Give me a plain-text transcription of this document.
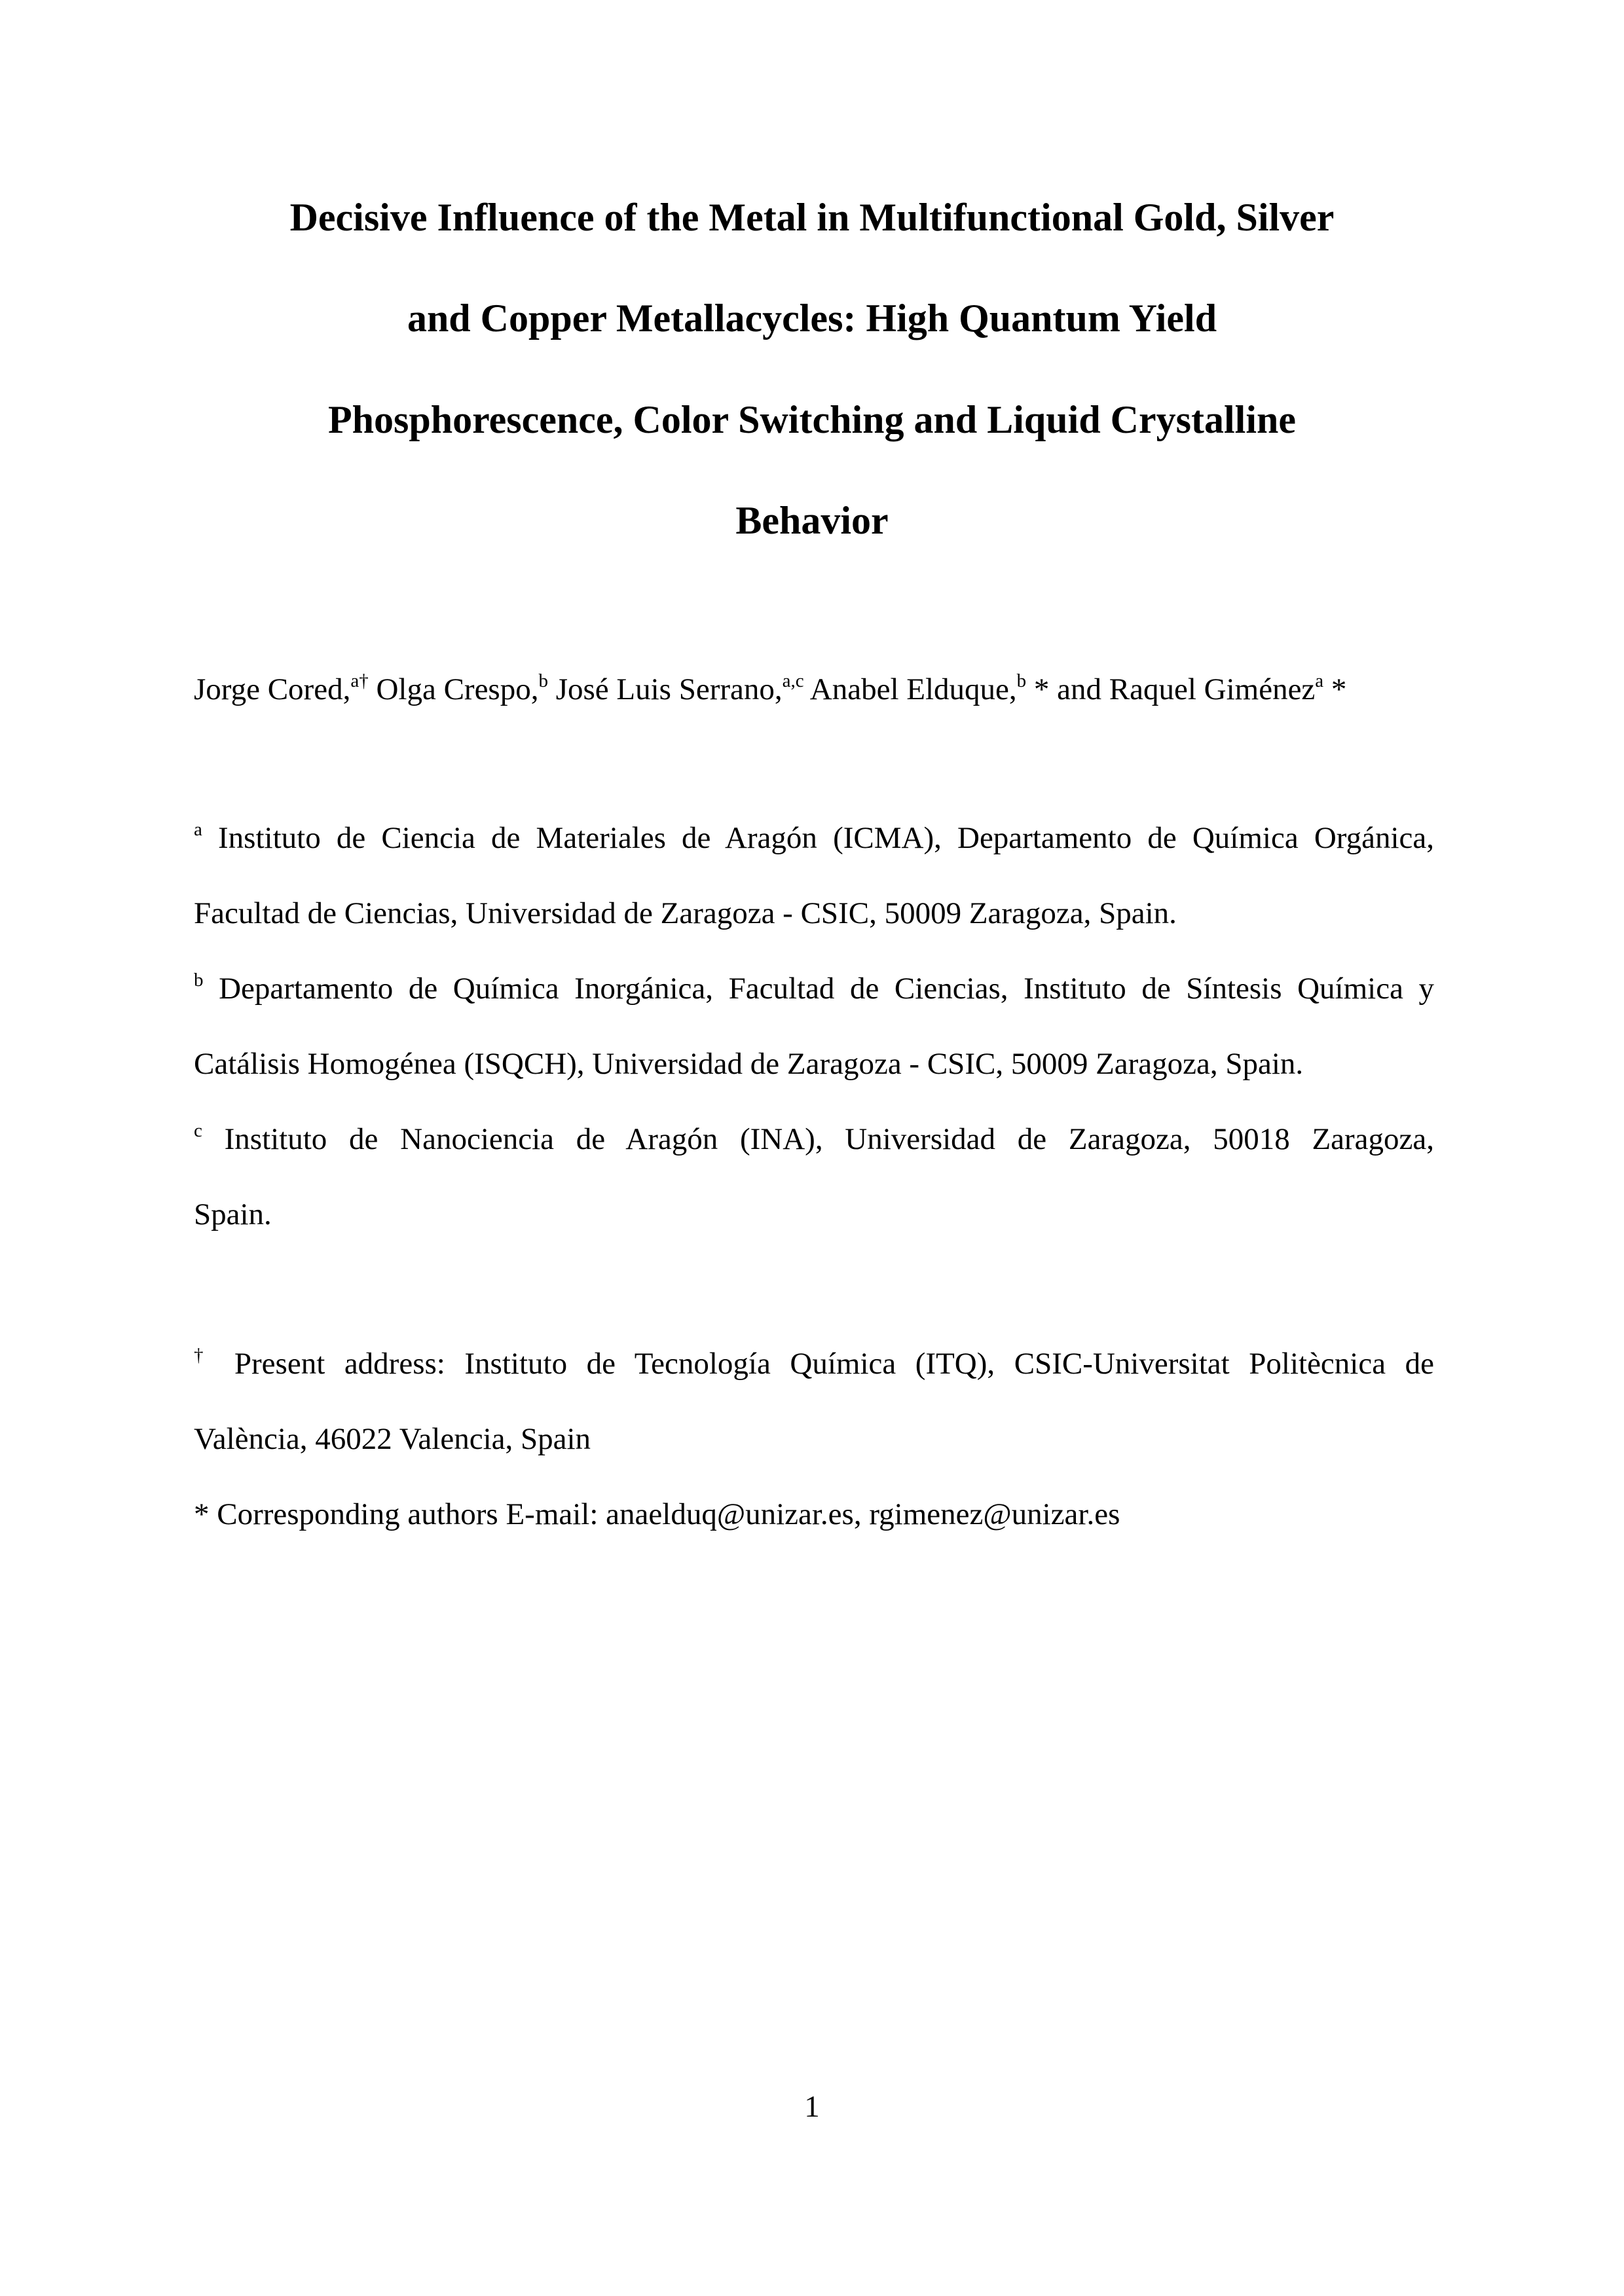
Decisive Influence of the Metal in Multifunctional Gold, Silver
and Copper Metallacycles: High Quantum Yield
Phosphorescence, Color Switching and Liquid Crystalline
Behavior
Jorge Cored,$^{a\dagger}$ Olga Crespo,$^b$ José Luis Serrano,$^{a,c}$ Anabel Elduque,$^b$ * and Raquel Giménez$^a$ *
$^a$ Instituto de Ciencia de Materiales de Aragón (ICMA), Departamento de Química Orgánica,
Facultad de Ciencias, Universidad de Zaragoza - CSIC, 50009 Zaragoza, Spain.
$^b$ Departamento de Química Inorgánica, Facultad de Ciencias, Instituto de Síntesis Química y
Catálisis Homogénea (ISQCH), Universidad de Zaragoza - CSIC, 50009 Zaragoza, Spain.
$^c$ Instituto de Nanociencia de Aragón (INA), Universidad de Zaragoza, 50018 Zaragoza,
Spain.
† Present address: Instituto de Tecnología Química (ITQ), CSIC-Universitat Politècnica de
València, 46022 Valencia, Spain
* Corresponding authors E-mail: anaelduq@unizar.es, rgimenez@unizar.es
1
